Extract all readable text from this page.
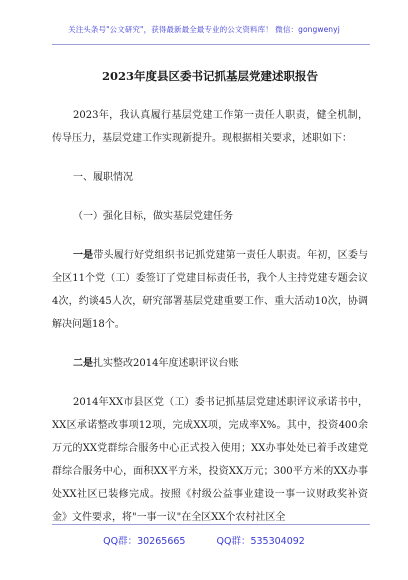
关注头条号"公文研究"，获得最新最全最专业的公文资料库！ 微信：gongwenyj
2023年度县区委书记抓基层党建述职报告

2023年，我认真履行基层党建工作第一责任人职责，健全机制，传导压力，基层党建工作实现新提升。现根据相关要求，述职如下：

一、履职情况

（一）强化目标，做实基层党建任务

一是带头履行好党组织书记抓党建第一责任人职责。年初，区委与全区11个党（工）委签订了党建目标责任书，我个人主持党建专题会议4次，约谈45人次，研究部署基层党建重要工作、重大活动10次，协调解决问题18个。

二是扎实整改2014年度述职评议台账

2014年XX市县区党（工）委书记抓基层党建述职评议承诺书中，XX区承诺整改事项12项，完成XX项，完成率X%。其中，投资400余万元的XX党群综合服务中心正式投入使用；XX办事处处已着手改建党群综合服务中心，面积XX平方米，投资XX万元；300平方米的XX办事处XX社区已装修完成。按照《村级公益事业建设一事一议财政奖补资金》文件要求，将"一事一议"在全区XX个农村社区全

QQ群：30265665	QQ群：535304092
